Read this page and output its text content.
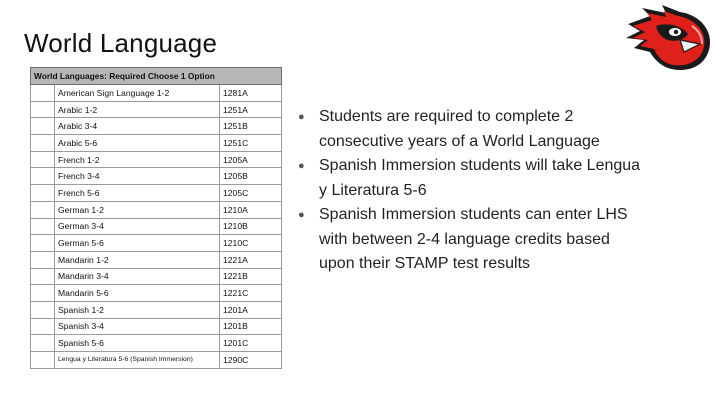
World Language
World Languages: Required Choose 1 Option		
	American Sign Language 1-2	1281A
	Arabic 1-2	1251A
	Arabic 3-4	1251B
	Arabic 5-6	1251C
	French 1-2	1205A
	French 3-4	1205B
	French 5-6	1205C
	German 1-2	1210A
	German 3-4	1210B
	German 5-6	1210C
	Mandarin 1-2	1221A
	Mandarin 3-4	1221B
	Mandarin 5-6	1221C
	Spanish 1-2	1201A
	Spanish 3-4	1201B
	Spanish 5-6	1201C
	Lengua y Literatura 5-6 (Spanish Immersion)	1290C
● Students are required to complete 2 consecutive years of a World Language
● Spanish Immersion students will take Lengua y Literatura 5-6
● Spanish Immersion students can enter LHS with between 2-4 language credits based upon their STAMP test results
